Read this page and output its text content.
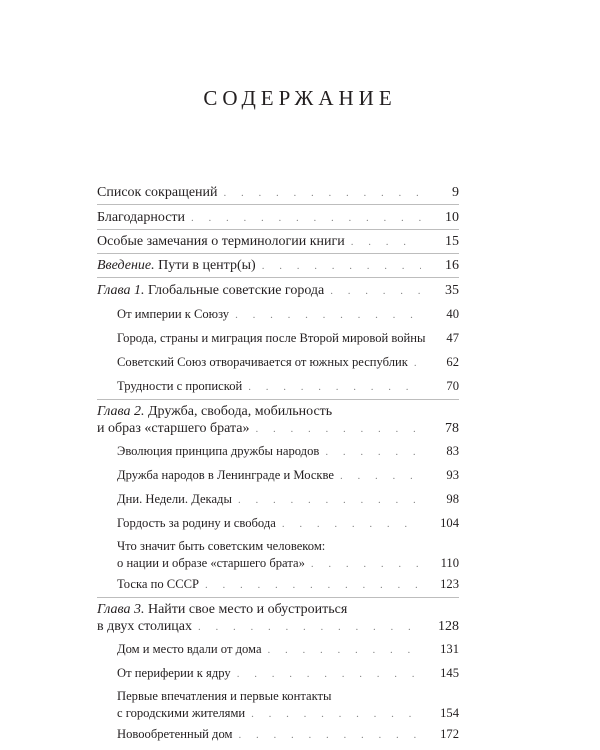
СОДЕРЖАНИЕ
Список сокращений . . .	9
Благодарности . . .	10
Особые замечания о терминологии книги . . .	15
Введение. Пути в центр(ы) . . .	16
Глава 1. Глобальные советские города . . .	35
От империи к Союзу . . .	40
Города, страны и миграция после Второй мировой войны	47
Советский Союз отворачивается от южных республик . . .	62
Трудности с пропиской . . .	70
Глава 2. Дружба, свобода, мобильность
и образ «старшего брата» . . .	78
Эволюция принципа дружбы народов . . .	83
Дружба народов в Ленинграде и Москве . . .	93
Дни. Недели. Декады . . .	98
Гордость за родину и свобода . . .	104
Что значит быть советским человеком:
о нации и образе «старшего брата» . . .	110
Тоска по СССР . . .	123
Глава 3. Найти свое место и обустроиться
в двух столицах . . .	128
Дом и место вдали от дома . . .	131
От периферии к ядру . . .	145
Первые впечатления и первые контакты
с городскими жителями . . .	154
Новообретенный дом . . .	172
